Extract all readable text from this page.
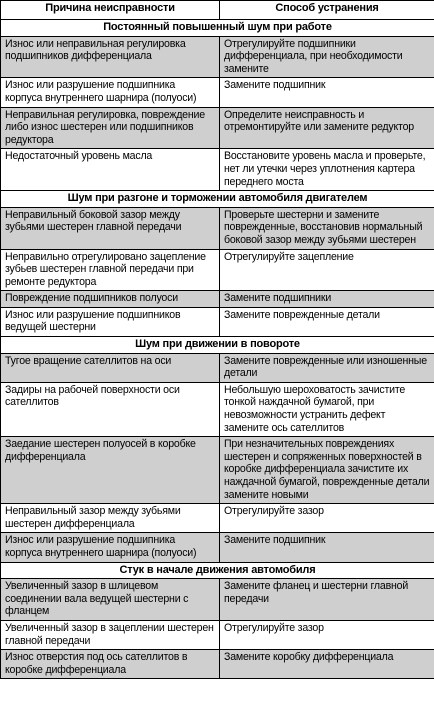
Причина неисправности	Способ устранения
Постоянный повышенный шум при работе	
Износ или неправильная регулировка подшипников дифференциала	Отрегулируйте подшипники дифференциала, при необходимости замените
Износ или разрушение подшипника корпуса внутреннего шарнира (полуоси)	Замените подшипник
Неправильная регулировка, повреждение либо износ шестерен или подшипников редуктора	Определите неисправность и отремонтируйте или замените редуктор
Недостаточный уровень масла	Восстановите уровень масла и проверьте, нет ли утечки через уплотнения картера переднего моста
Шум при разгоне и торможении автомобиля двигателем	
Неправильный боковой зазор между зубьями шестерен главной передачи	Проверьте шестерни и замените поврежденные, восстановив нормальный боковой зазор между зубьями шестерен
Неправильно отрегулировано зацепление зубьев шестерен главной передачи при ремонте редуктора	Отрегулируйте зацепление
Повреждение подшипников полуоси	Замените подшипники
Износ или разрушение подшипников ведущей шестерни	Замените поврежденные детали
Шум при движении в повороте	
Тугое вращение сателлитов на оси	Замените поврежденные или изношенные детали
Задиры на рабочей поверхности оси сателлитов	Небольшую шероховатость зачистите тонкой наждачной бумагой, при невозможности устранить дефект замените ось сателлитов
Заедание шестерен полуосей в коробке дифференциала	При незначительных повреждениях шестерен и сопряженных поверхностей в коробке дифференциала зачистите их наждачной бумагой, поврежденные детали замените новыми
Неправильный зазор между зубьями шестерен дифференциала	Отрегулируйте зазор
Износ или разрушение подшипника корпуса внутреннего шарнира (полуоси)	Замените подшипник
Стук в начале движения автомобиля	
Увеличенный зазор в шлицевом соединении вала ведущей шестерни с фланцем	Замените фланец и шестерни главной передачи
Увеличенный зазор в зацеплении шестерен главной передачи	Отрегулируйте зазор
Износ отверстия под ось сателлитов в коробке дифференциала	Замените коробку дифференциала
